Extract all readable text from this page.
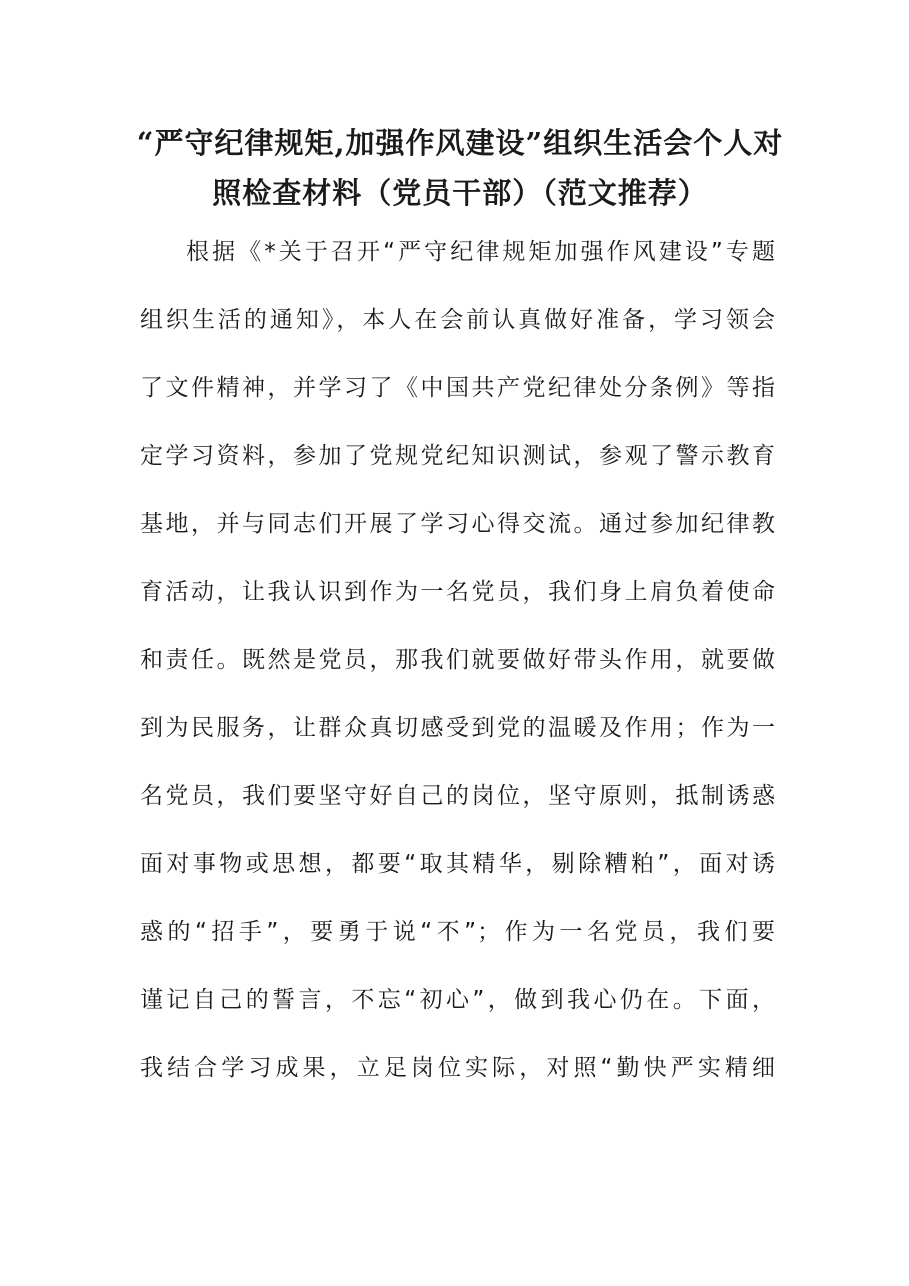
“严守纪律规矩,加强作风建设”组织生活会个人对
照检查材料（党员干部）（范文推荐）
根据《*关于召开“严守纪律规矩加强作风建设”专题
组织生活的通知》，本人在会前认真做好准备，学习领会
了文件精神，并学习了《中国共产党纪律处分条例》等指
定学习资料，参加了党规党纪知识测试，参观了警示教育
基地，并与同志们开展了学习心得交流。通过参加纪律教
育活动，让我认识到作为一名党员，我们身上肩负着使命
和责任。既然是党员，那我们就要做好带头作用，就要做
到为民服务，让群众真切感受到党的温暖及作用；作为一
名党员，我们要坚守好自己的岗位，坚守原则，抵制诱惑
面对事物或思想，都要“取其精华，剔除糟粕”，面对诱
惑的“招手”，要勇于说“不”；作为一名党员，我们要
谨记自己的誓言，不忘“初心”，做到我心仍在。下面，
我结合学习成果，立足岗位实际，对照“勤快严实精细
